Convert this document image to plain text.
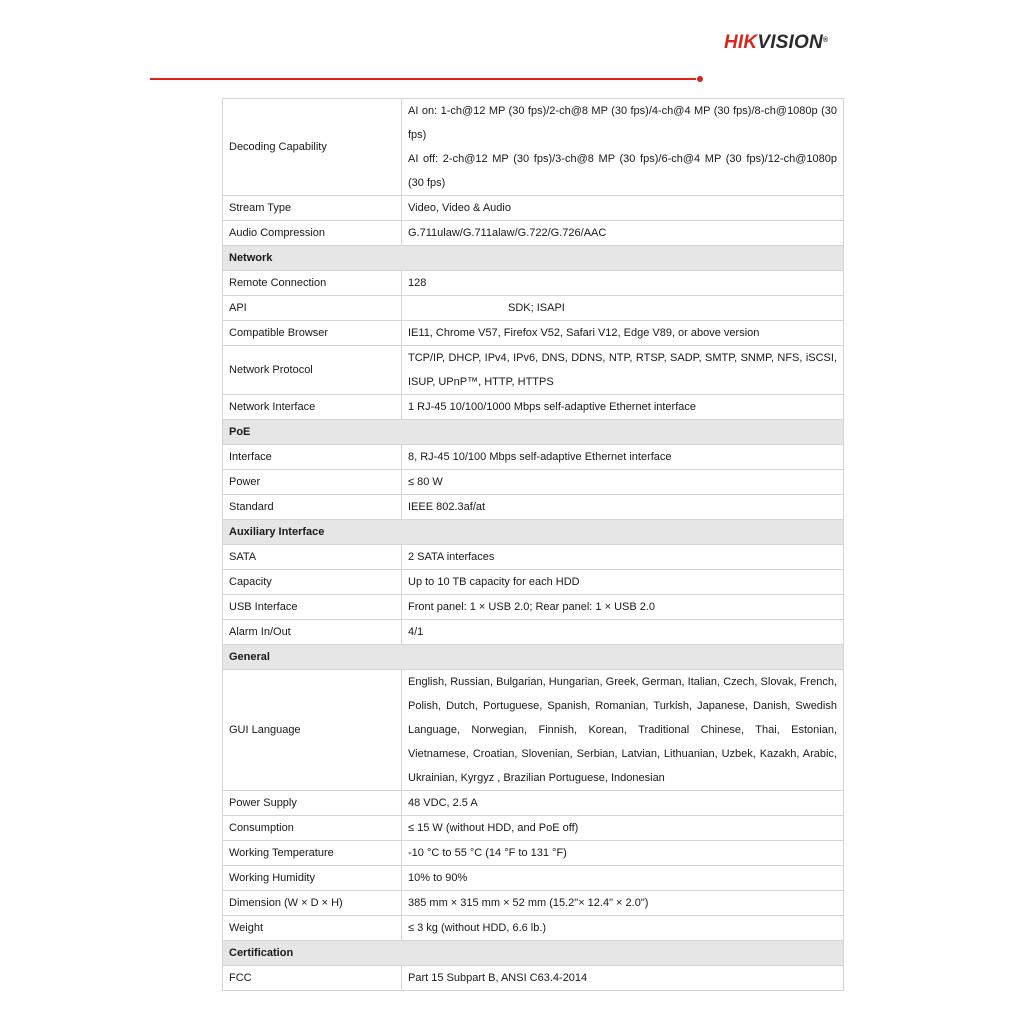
HIKVISION®
Decoding Capability	AI on: 1-ch@12 MP (30 fps)/2-ch@8 MP (30 fps)/4-ch@4 MP (30 fps)/8-ch@1080p (30 fps)
AI off: 2-ch@12 MP (30 fps)/3-ch@8 MP (30 fps)/6-ch@4 MP (30 fps)/12-ch@1080p (30 fps)

Stream Type	Video, Video & Audio
Audio Compression	G.711ulaw/G.711alaw/G.722/G.726/AAC
Network	
Remote Connection	128
API	SDK; ISAPI
Compatible Browser	IE11, Chrome V57, Firefox V52, Safari V12, Edge V89, or above version
Network Protocol	TCP/IP, DHCP, IPv4, IPv6, DNS, DDNS, NTP, RTSP, SADP, SMTP, SNMP, NFS, iSCSI, ISUP, UPnP™, HTTP, HTTPS
Network Interface	1 RJ-45 10/100/1000 Mbps self-adaptive Ethernet interface
PoE	
Interface	8, RJ-45 10/100 Mbps self-adaptive Ethernet interface
Power	≤ 80 W
Standard	IEEE 802.3af/at
Auxiliary Interface	
SATA	2 SATA interfaces
Capacity	Up to 10 TB capacity for each HDD
USB Interface	Front panel: 1 × USB 2.0; Rear panel: 1 × USB 2.0
Alarm In/Out	4/1
General	
GUI Language	English, Russian, Bulgarian, Hungarian, Greek, German, Italian, Czech, Slovak, French, Polish, Dutch, Portuguese, Spanish, Romanian, Turkish, Japanese, Danish, Swedish Language, Norwegian, Finnish, Korean, Traditional Chinese, Thai, Estonian, Vietnamese, Croatian, Slovenian, Serbian, Latvian, Lithuanian, Uzbek, Kazakh, Arabic, Ukrainian, Kyrgyz , Brazilian Portuguese, Indonesian
Power Supply	48 VDC, 2.5 A
Consumption	≤ 15 W (without HDD, and PoE off)
Working Temperature	-10 °C to 55 °C (14 °F to 131 °F)
Working Humidity	10% to 90%
Dimension (W × D × H)	385 mm × 315 mm × 52 mm (15.2"× 12.4" × 2.0")
Weight	≤ 3 kg (without HDD, 6.6 lb.)
Certification	
FCC	Part 15 Subpart B, ANSI C63.4-2014
